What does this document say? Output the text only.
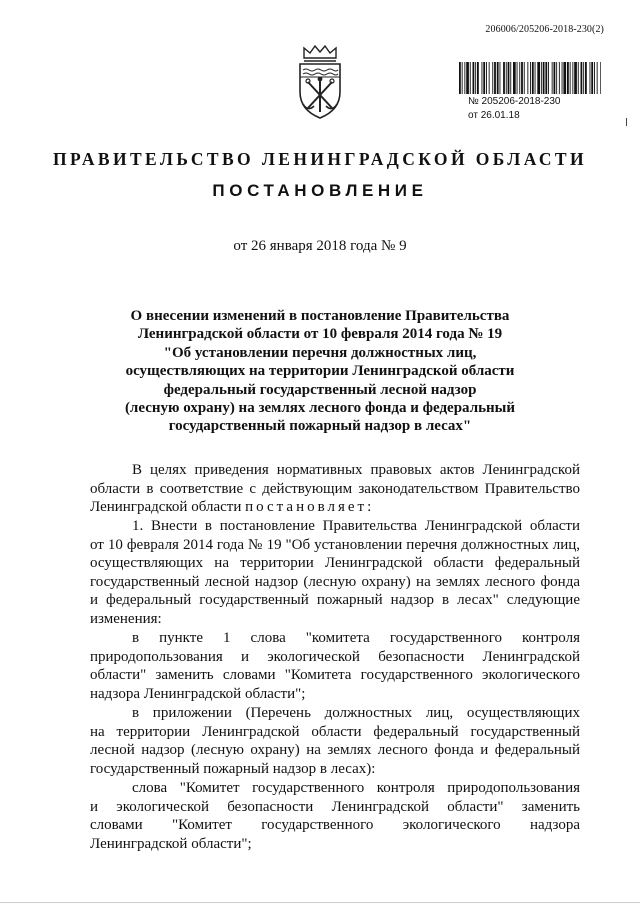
206006/205206-2018-230(2)
№ 205206-2018-230
от 26.01.18
ПРАВИТЕЛЬСТВО ЛЕНИНГРАДСКОЙ ОБЛАСТИ
ПОСТАНОВЛЕНИЕ
от 26 января 2018 года № 9
О внесении изменений в постановление Правительства
Ленинградской области от 10 февраля 2014 года № 19
"Об установлении перечня должностных лиц,
осуществляющих на территории Ленинградской области
федеральный государственный лесной надзор
(лесную охрану) на землях лесного фонда и федеральный
государственный пожарный надзор в лесах"
В целях приведения нормативных правовых актов Ленинградской
области в соответствие с действующим законодательством Правительство
Ленинградской области постановляет:
1. Внести в постановление Правительства Ленинградской области
от 10 февраля 2014 года № 19 "Об установлении перечня должностных лиц,
осуществляющих на территории Ленинградской области федеральный
государственный лесной надзор (лесную охрану) на землях лесного фонда
и федеральный государственный пожарный надзор в лесах" следующие
изменения:
в пункте 1 слова "комитета государственного контроля
природопользования и экологической безопасности Ленинградской
области" заменить словами "Комитета государственного экологического
надзора Ленинградской области";
в приложении (Перечень должностных лиц, осуществляющих
на территории Ленинградской области федеральный государственный
лесной надзор (лесную охрану) на землях лесного фонда и федеральный
государственный пожарный надзор в лесах):
слова "Комитет государственного контроля природопользования
и экологической безопасности Ленинградской области" заменить
словами "Комитет государственного экологического надзора
Ленинградской области";
